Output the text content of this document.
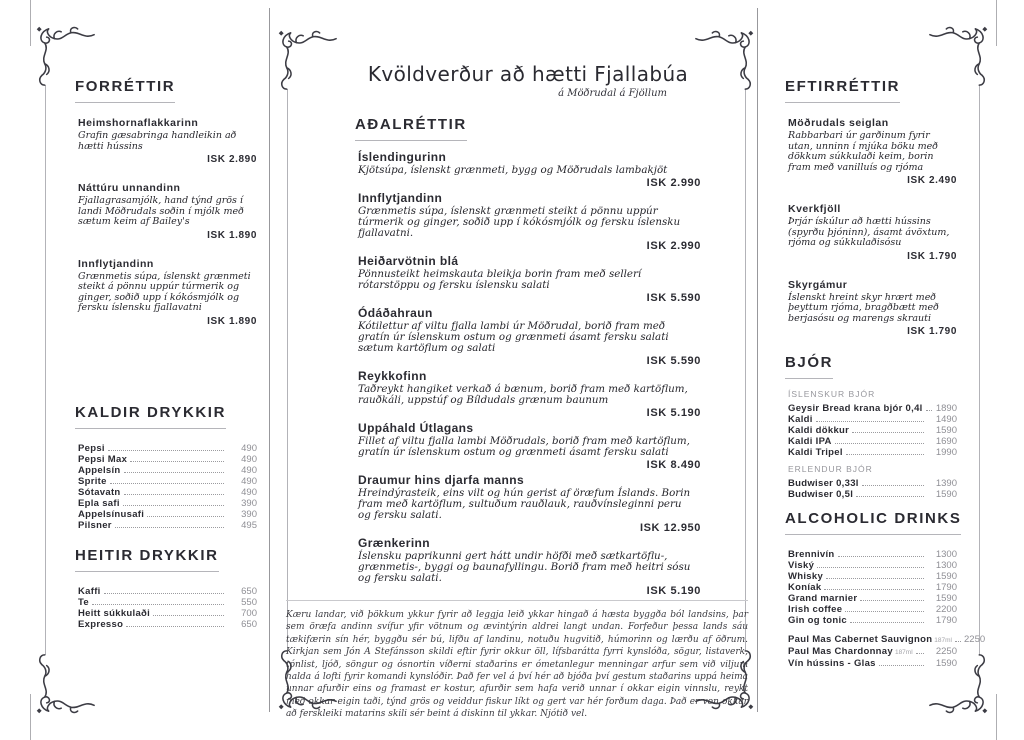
FORRÉTTIR
Heimshornaflakkarinn
Grafin gæsabringa handleikin að hætti hússins
ISK 2.890
Náttúru unnandinn
Fjallagrasamjólk, hand týnd grös í landi Möðrudals soðin í mjólk með sætum keim af Bailey's
ISK 1.890
Innflytjandinn
Grænmetis súpa, íslenskt grænmeti steikt á pönnu uppúr túrmerik og ginger, soðið upp í kókósmjólk og fersku íslensku fjallavatni
ISK 1.890
KALDIR DRYKKIR
Pepsi	490
Pepsi Max	490
Appelsín	490
Sprite	490
Sótavatn	490
Epla safi	390
Appelsínusafi	390
Pilsner	495
HEITIR DRYKKIR
Kaffi	650
Te	550
Heitt súkkulaði	700
Expresso	650
Kvöldverður að hætti Fjallabúa
á Möðrudal á Fjöllum
AÐALRÉTTIR
Íslendingurinn
Kjötsúpa, íslenskt grænmeti, bygg og Möðrudals lambakjöt
ISK 2.990
Innflytjandinn
Grænmetis súpa, íslenskt grænmeti steikt á pönnu uppúr túrmerik og ginger, soðið upp í kókósmjólk og fersku íslensku fjallavatni.
ISK 2.990
Heiðarvötnin blá
Pönnusteikt heimskauta bleikja borin fram með sellerí rótarstöppu og fersku íslensku salati
ISK 5.590
Ódáðahraun
Kótilettur af viltu fjalla lambi úr Möðrudal, borið fram með gratín úr íslenskum ostum og grænmeti ásamt fersku salati sætum kartöflum og salati
ISK 5.590
Reykkofinn
Taðreykt hangiket verkað á bænum, borið fram með kartöflum, rauðkáli, uppstúf og Bíldudals grænum baunum
ISK 5.190
Uppáhald Útlagans
Fillet af viltu fjalla lambi Möðrudals, borið fram með kartöflum, gratín úr íslenskum ostum og grænmeti ásamt fersku salati
ISK 8.490
Draumur hins djarfa manns
Hreindýrasteik, eins vilt og hún gerist af öræfum Íslands. Borin fram með kartöflum, sultuðum rauðlauk, rauðvínsleginni peru og fersku salati.
ISK 12.950
Grænkerinn
Íslensku paprikunni gert hátt undir höfði með sætkartöflu-, grænmetis-, byggi og baunafyllingu. Borið fram með heitri sósu og fersku salati.
ISK 5.190
Kæru landar, við þökkum ykkur fyrir að leggja leið ykkar hingað á hæsta byggða ból landsins, þar sem öræfa andinn svífur yfir vötnum og ævintýrin aldrei langt undan. Forfeður þessa lands sáu tækifærin sín hér, byggðu sér bú, lifðu af landinu, notuðu hugvitið, húmorinn og lærðu af öðrum. Kirkjan sem Jón A Stefánsson skildi eftir fyrir okkur öll, lífsbarátta fyrri kynslóða, sögur, listaverk, tónlist, ljóð, söngur og ósnortin víðerni staðarins er ómetanlegur menningar arfur sem við viljum halda á lofti fyrir komandi kynslóðir. Það fer vel á því hér að bjóða því gestum staðarins uppá heima unnar afurðir eins og framast er kostur, afurðir sem hafa verið unnar í okkar eigin vinnslu, reykt með okkar eigin taði, týnd grös og veiddur fiskur líkt og gert var hér forðum daga. Það er von okkar að ferskleiki matarins skili sér beint á diskinn til ykkar. Njótið vel.
EFTIRRÉTTIR
Möðrudals seiglan
Rabbarbari úr garðinum fyrir utan, unninn í mjúka böku með dökkum súkkulaði keim, borin fram með vanilluís og rjóma
ISK 2.490
Kverkfjöll
Þrjár ískúlur að hætti hússins (spyrðu þjóninn), ásamt ávöxtum, rjóma og súkkulaðisósu
ISK 1.790
Skyrgámur
Íslenskt hreint skyr hrært með þeyttum rjóma, bragðbætt með berjasósu og marengs skrauti
ISK 1.790
BJÓR
ÍSLENSKUR BJÓR
Geysir Bread krana bjór 0,4l 1890
Kaldi	1490
Kaldi dökkur	1590
Kaldi IPA	1690
Kaldi Tripel	1990
ERLENDUR BJÓR
Budwiser 0,33l	1390
Budwiser 0,5l	1590
ALCOHOLIC DRINKS
Brennivín	1300
Viský	1300
Whisky	1590
Koníak	1790
Grand marnier	1590
Irish coffee	2200
Gin og tonic	1790
Paul Mas Cabernet Sauvignon 187ml 2250
Paul Mas Chardonnay 187ml	2250
Vín hússins - Glas	1590
